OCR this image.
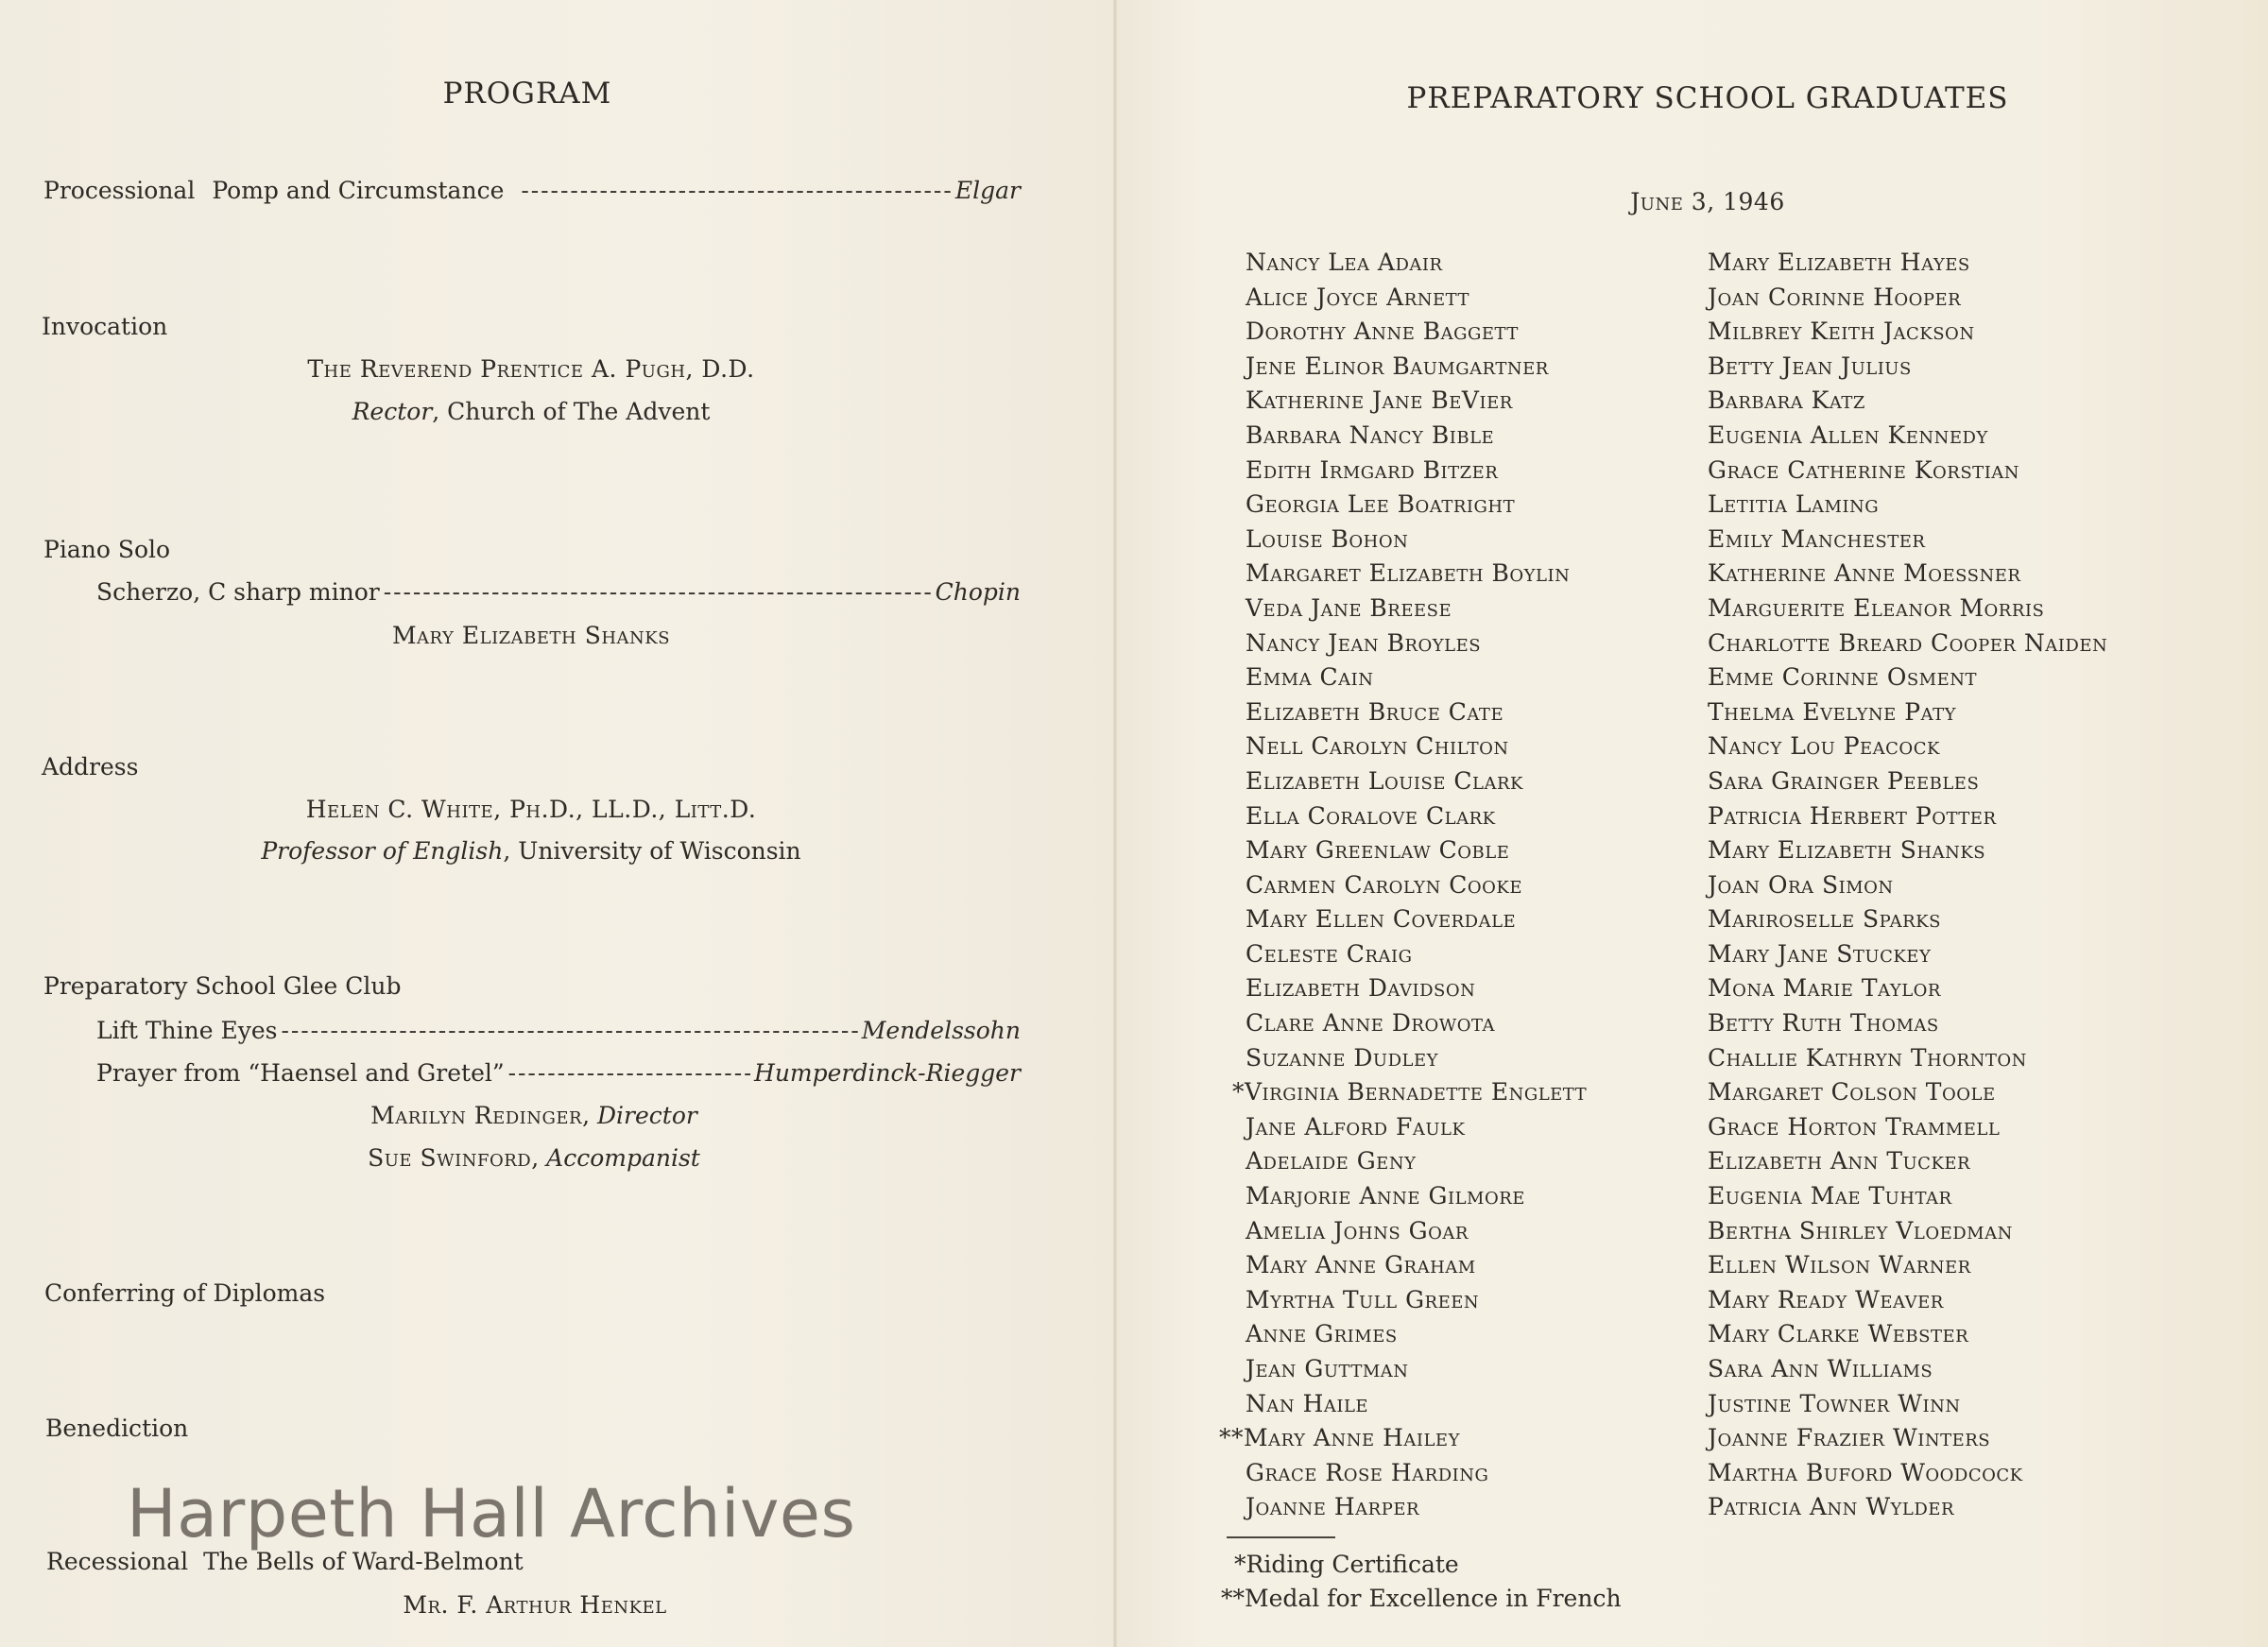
PROGRAM
Processional Pomp and Circumstance - - -	Elgar
Invocation
The Reverend Prentice A. Pugh, D.D.
Rector, Church of The Advent
Piano Solo
Scherzo, C sharp minor - - -	Chopin
Mary Elizabeth Shanks
Address
Helen C. White, Ph.D., LL.D., Litt.D.
Professor of English, University of Wisconsin
Preparatory School Glee Club
Lift Thine Eyes - - -	Mendelssohn
Prayer from “Haensel and Gretel” - - -	Humperdinck-Riegger
Marilyn Redinger, Director
Sue Swinford, Accompanist
Conferring of Diplomas
Benediction
Recessional The Bells of Ward-Belmont
Mr. F. Arthur Henkel
Harpeth Hall Archives
PREPARATORY SCHOOL GRADUATES
June 3, 1946
Nancy Lea Adair
Alice Joyce Arnett
Dorothy Anne Baggett
Jene Elinor Baumgartner
Katherine Jane BeVier
Barbara Nancy Bible
Edith Irmgard Bitzer
Georgia Lee Boatright
Louise Bohon
Margaret Elizabeth Boylin
Veda Jane Breese
Nancy Jean Broyles
Emma Cain
Elizabeth Bruce Cate
Nell Carolyn Chilton
Elizabeth Louise Clark
Ella Coralove Clark
Mary Greenlaw Coble
Carmen Carolyn Cooke
Mary Ellen Coverdale
Celeste Craig
Elizabeth Davidson
Clare Anne Drowota
Suzanne Dudley
*Virginia Bernadette Englett
Jane Alford Faulk
Adelaide Geny
Marjorie Anne Gilmore
Amelia Johns Goar
Mary Anne Graham
Myrtha Tull Green
Anne Grimes
Jean Guttman
Nan Haile
**Mary Anne Hailey
Grace Rose Harding
Joanne Harper
Mary Elizabeth Hayes
Joan Corinne Hooper
Milbrey Keith Jackson
Betty Jean Julius
Barbara Katz
Eugenia Allen Kennedy
Grace Catherine Korstian
Letitia Laming
Emily Manchester
Katherine Anne Moessner
Marguerite Eleanor Morris
Charlotte Breard Cooper Naiden
Emme Corinne Osment
Thelma Evelyne Paty
Nancy Lou Peacock
Sara Grainger Peebles
Patricia Herbert Potter
Mary Elizabeth Shanks
Joan Ora Simon
Mariroselle Sparks
Mary Jane Stuckey
Mona Marie Taylor
Betty Ruth Thomas
Challie Kathryn Thornton
Margaret Colson Toole
Grace Horton Trammell
Elizabeth Ann Tucker
Eugenia Mae Tuhtar
Bertha Shirley Vloedman
Ellen Wilson Warner
Mary Ready Weaver
Mary Clarke Webster
Sara Ann Williams
Justine Towner Winn
Joanne Frazier Winters
Martha Buford Woodcock
Patricia Ann Wylder
*Riding Certificate
**Medal for Excellence in French
